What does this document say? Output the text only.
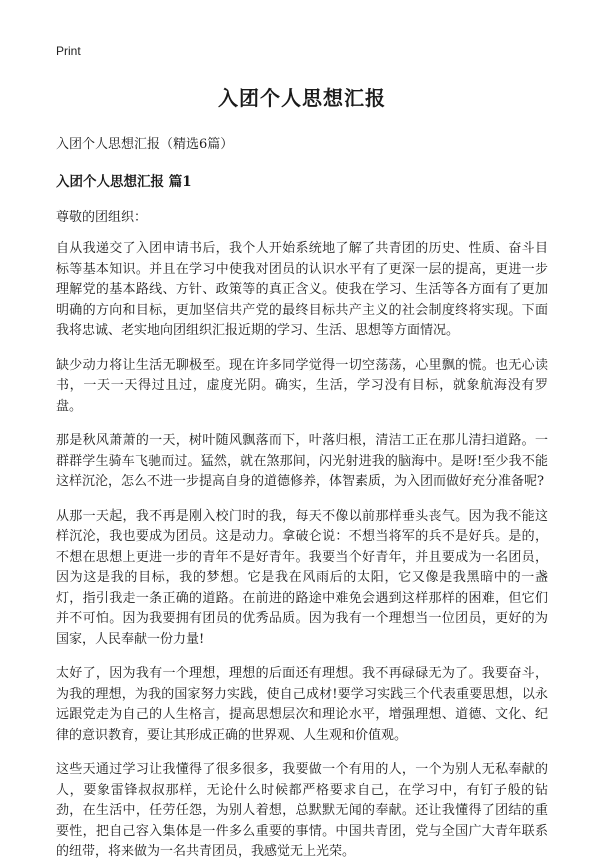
Print
入团个人思想汇报
入团个人思想汇报（精选6篇）
入团个人思想汇报 篇1
尊敬的团组织：

自从我递交了入团申请书后，我个人开始系统地了解了共青团的历史、性质、奋斗目标等基本知识。并且在学习中使我对团员的认识水平有了更深一层的提高，更进一步理解党的基本路线、方针、政策等的真正含义。使我在学习、生活等各方面有了更加明确的方向和目标，更加坚信共产党的最终目标共产主义的社会制度终将实现。下面我将忠诚、老实地向团组织汇报近期的学习、生活、思想等方面情况。

缺少动力将让生活无聊极至。现在许多同学觉得一切空荡荡，心里飘的慌。也无心读书，一天一天得过且过，虚度光阴。确实，生活，学习没有目标，就象航海没有罗盘。

那是秋风萧萧的一天，树叶随风飘落而下，叶落归根，清洁工正在那儿清扫道路。一群群学生骑车飞驰而过。猛然，就在煞那间，闪光射进我的脑海中。是呀!至少我不能这样沉沦，怎么不进一步提高自身的道德修养，体智素质，为入团而做好充分准备呢?

从那一天起，我不再是刚入校门时的我，每天不像以前那样垂头丧气。因为我不能这样沉沦，我也要成为团员。这是动力。拿破仑说：不想当将军的兵不是好兵。是的，不想在思想上更进一步的青年不是好青年。我要当个好青年，并且要成为一名团员，因为这是我的目标，我的梦想。它是我在风雨后的太阳，它又像是我黑暗中的一盏灯，指引我走一条正确的道路。在前进的路途中难免会遇到这样那样的困难，但它们并不可怕。因为我要拥有团员的优秀品质。因为我有一个理想当一位团员，更好的为国家，人民奉献一份力量!

太好了，因为我有一个理想，理想的后面还有理想。我不再碌碌无为了。我要奋斗，为我的理想，为我的国家努力实践，使自己成材!要学习实践三个代表重要思想，以永远跟党走为自己的人生格言，提高思想层次和理论水平，增强理想、道德、文化、纪律的意识教育，要让其形成正确的世界观、人生观和价值观。

这些天通过学习让我懂得了很多很多，我要做一个有用的人，一个为别人无私奉献的人，要象雷锋叔叔那样，无论什么时候都严格要求自己，在学习中，有钉子般的钻劲，在生活中，任劳任怨，为别人着想，总默默无闻的奉献。还让我懂得了团结的重要性，把自己容入集体是一件多么重要的事情。中国共青团，党与全国广大青年联系的纽带，将来做为一名共青团员，我感觉无上光荣。
